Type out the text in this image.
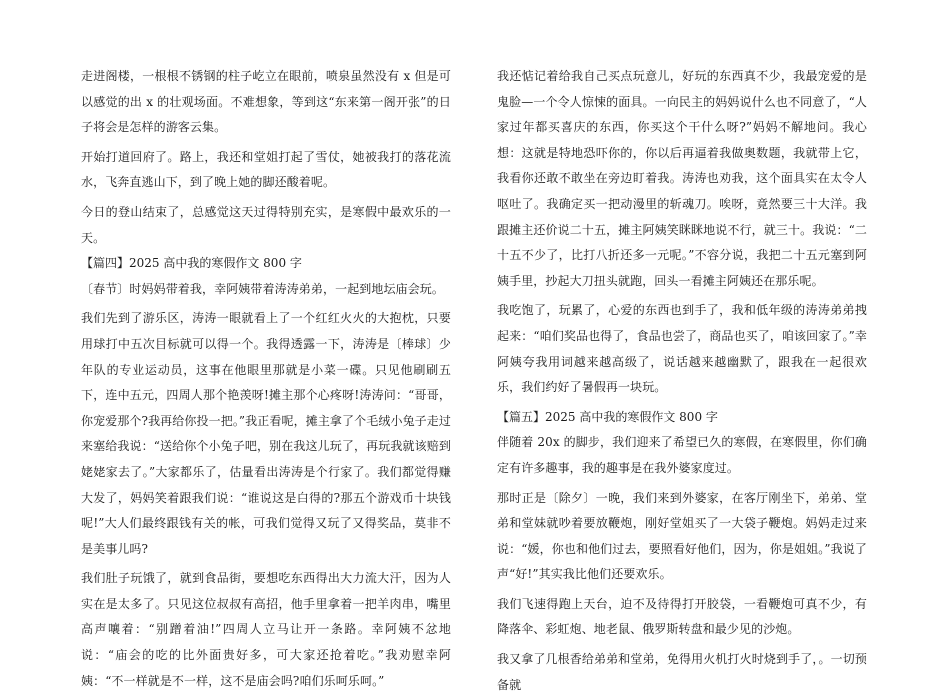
走进阁楼，一根根不锈钢的柱子屹立在眼前，喷泉虽然没有 x 但是可以感觉的出 x 的壮观场面。不难想象，等到这“东来第一阁开张”的日子将会是怎样的游客云集。

开始打道回府了。路上，我还和堂姐打起了雪仗，她被我打的落花流水，飞奔直逃山下，到了晚上她的脚还酸着呢。

今日的登山结束了，总感觉这天过得特别充实，是寒假中最欢乐的一天。

【篇四】2025 高中我的寒假作文 800 字

〔春节〕时妈妈带着我，幸阿姨带着涛涛弟弟，一起到地坛庙会玩。

我们先到了游乐区，涛涛一眼就看上了一个红红火火的大抱枕，只要用球打中五次目标就可以得一个。我得透露一下，涛涛是〔棒球〕少年队的专业运动员，这事在他眼里那就是小菜一碟。只见他刷刷五下，连中五元，四周人那个艳羡呀!摊主那个心疼呀!涛涛问：“哥哥，你宠爱那个?我再给你投一把。”我正看呢，摊主拿了个毛绒小兔子走过来塞给我说：“送给你个小兔子吧，别在我这儿玩了，再玩我就该赔到姥姥家去了。”大家都乐了，估量看出涛涛是个行家了。我们都觉得赚大发了，妈妈笑着跟我们说：“谁说这是白得的?那五个游戏币十块钱呢!”大人们最终跟钱有关的帐，可我们觉得又玩了又得奖品，莫非不是美事儿吗?

我们肚子玩饿了，就到食品街，要想吃东西得出大力流大汗，因为人实在是太多了。只见这位叔叔有高招，他手里拿着一把羊肉串，嘴里高声嚷着：“别蹭着油!”四周人立马让开一条路。幸阿姨不忿地说：“庙会的吃的比外面贵好多，可大家还抢着吃。”我劝慰幸阿姨：“不一样就是不一样，这不是庙会吗?咱们乐呵乐呵。”

我还惦记着给我自己买点玩意儿，好玩的东西真不少，我最宠爱的是鬼脸—一个令人惊悚的面具。一向民主的妈妈说什么也不同意了，“人家过年都买喜庆的东西，你买这个干什么呀?”妈妈不解地问。我心想：这就是特地恐吓你的，你以后再逼着我做奥数题，我就带上它，我看你还敢不敢坐在旁边盯着我。涛涛也劝我，这个面具实在太令人呕吐了。我确定买一把动漫里的斩魂刀。唉呀，竟然要三十大洋。我跟摊主还价说二十五，摊主阿姨笑眯眯地说不行，就三十。我说：“二十五不少了，比打八折还多一元呢。”不容分说，我把二十五元塞到阿姨手里，抄起大刀扭头就跑，回头一看摊主阿姨还在那乐呢。

我吃饱了，玩累了，心爱的东西也到手了，我和低年级的涛涛弟弟拽起来：“咱们奖品也得了，食品也尝了，商品也买了，咱该回家了。”幸阿姨夸我用词越来越高级了，说话越来越幽默了，跟我在一起很欢乐，我们约好了暑假再一块玩。

【篇五】2025 高中我的寒假作文 800 字

伴随着 20x 的脚步，我们迎来了希望已久的寒假，在寒假里，你们确定有许多趣事，我的趣事是在我外婆家度过。

那时正是〔除夕〕一晚，我们来到外婆家，在客厅刚坐下，弟弟、堂弟和堂妹就吵着要放鞭炮，刚好堂姐买了一大袋子鞭炮。妈妈走过来说：“媛，你也和他们过去，要照看好他们，因为，你是姐姐。”我说了声“好!”其实我比他们还要欢乐。

我们飞速得跑上天台，迫不及待得打开胶袋，一看鞭炮可真不少，有降落伞、彩虹炮、地老鼠、俄罗斯转盘和最少见的沙炮。

我又拿了几根香给弟弟和堂弟，免得用火机打火时烧到手了，。一切预备就
